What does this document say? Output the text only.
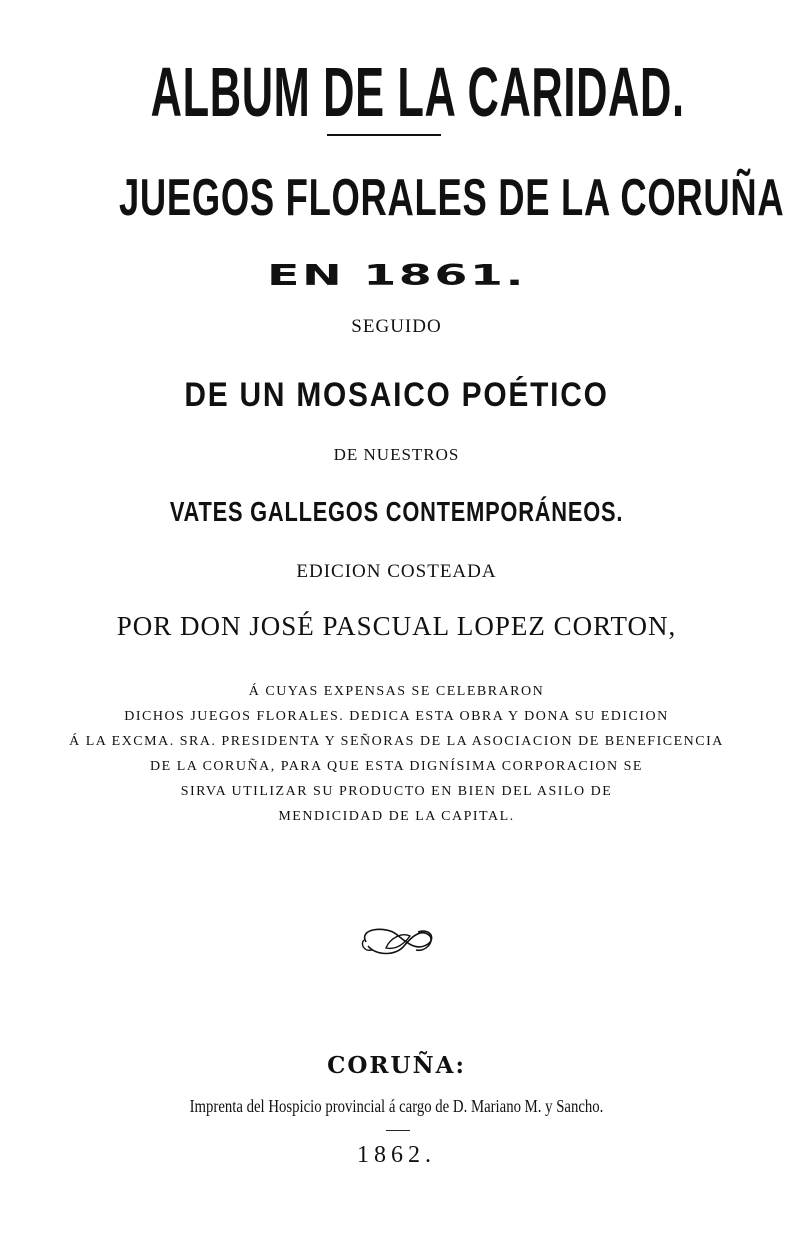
ALBUM DE LA CARIDAD.
JUEGOS FLORALES DE LA CORUÑA
EN 1861.
SEGUIDO
DE UN MOSAICO POÉTICO
DE NUESTROS
VATES GALLEGOS CONTEMPORÁNEOS.
EDICION COSTEADA
POR DON JOSÉ PASCUAL LOPEZ CORTON,
Á CUYAS EXPENSAS SE CELEBRARON
DICHOS JUEGOS FLORALES. DEDICA ESTA OBRA Y DONA SU EDICION
Á LA EXCMA. SRA. PRESIDENTA Y SEÑORAS DE LA ASOCIACION DE BENEFICENCIA
DE LA CORUÑA, PARA QUE ESTA DIGNÍSIMA CORPORACION SE
SIRVA UTILIZAR SU PRODUCTO EN BIEN DEL ASILO DE
MENDICIDAD DE LA CAPITAL.
CORUÑA:
Imprenta del Hospicio provincial á cargo de D. Mariano M. y Sancho.
1862.
